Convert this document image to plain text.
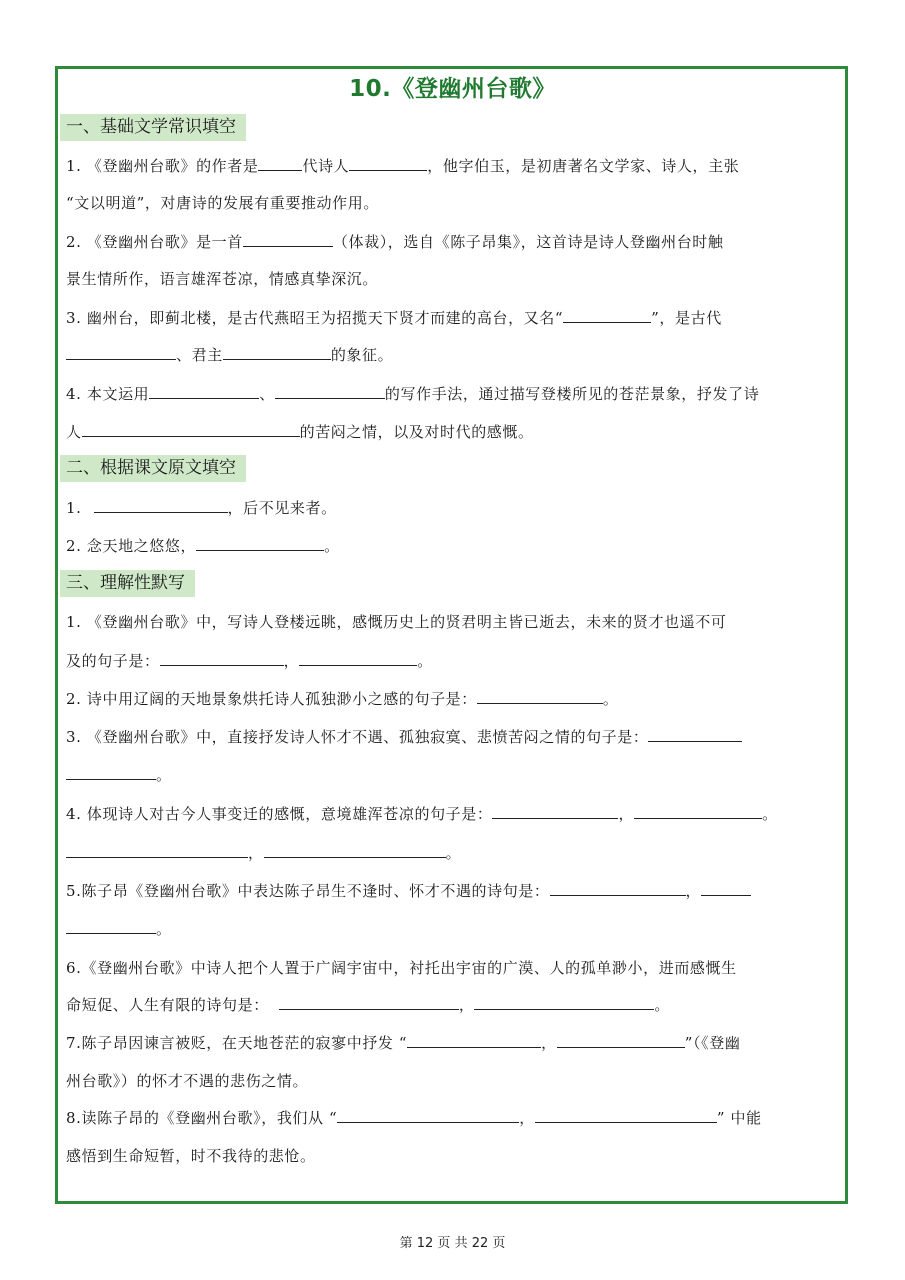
10.《登幽州台歌》
一、基础文学常识填空
1. 《登幽州台歌》的作者是	代诗人	，他字伯玉，是初唐著名文学家、诗人，主张
“文以明道”，对唐诗的发展有重要推动作用。
2. 《登幽州台歌》是一首	（体裁），选自《陈子昂集》，这首诗是诗人登幽州台时触
景生情所作，语言雄浑苍凉，情感真挚深沉。
3. 幽州台，即蓟北楼，是古代燕昭王为招揽天下贤才而建的高台，又名“	”，是古代
、君主	的象征。
4. 本文运用	、	的写作手法，通过描写登楼所见的苍茫景象，抒发了诗
人	的苦闷之情，以及对时代的感慨。
二、根据课文原文填空
1.	，后不见来者。
2. 念天地之悠悠，	。
三、理解性默写
1. 《登幽州台歌》中，写诗人登楼远眺，感慨历史上的贤君明主皆已逝去，未来的贤才也遥不可
及的句子是：	，	。
2. 诗中用辽阔的天地景象烘托诗人孤独渺小之感的句子是：	。
3. 《登幽州台歌》中，直接抒发诗人怀才不遇、孤独寂寞、悲愤苦闷之情的句子是：
。
4. 体现诗人对古今人事变迁的感慨，意境雄浑苍凉的句子是：	，	。
，	。
5.陈子昂《登幽州台歌》中表达陈子昂生不逢时、怀才不遇的诗句是：	，
。
6.《登幽州台歌》中诗人把个人置于广阔宇宙中，衬托出宇宙的广漠、人的孤单渺小，进而感慨生
命短促、人生有限的诗句是：	，	。
7.陈子昂因谏言被贬，在天地苍茫的寂寥中抒发 “	，	”（《登幽
州台歌》）的怀才不遇的悲伤之情。
8.读陈子昂的《登幽州台歌》，我们从 “	，	” 中能
感悟到生命短暂，时不我待的悲怆。
第 12 页 共 22 页
